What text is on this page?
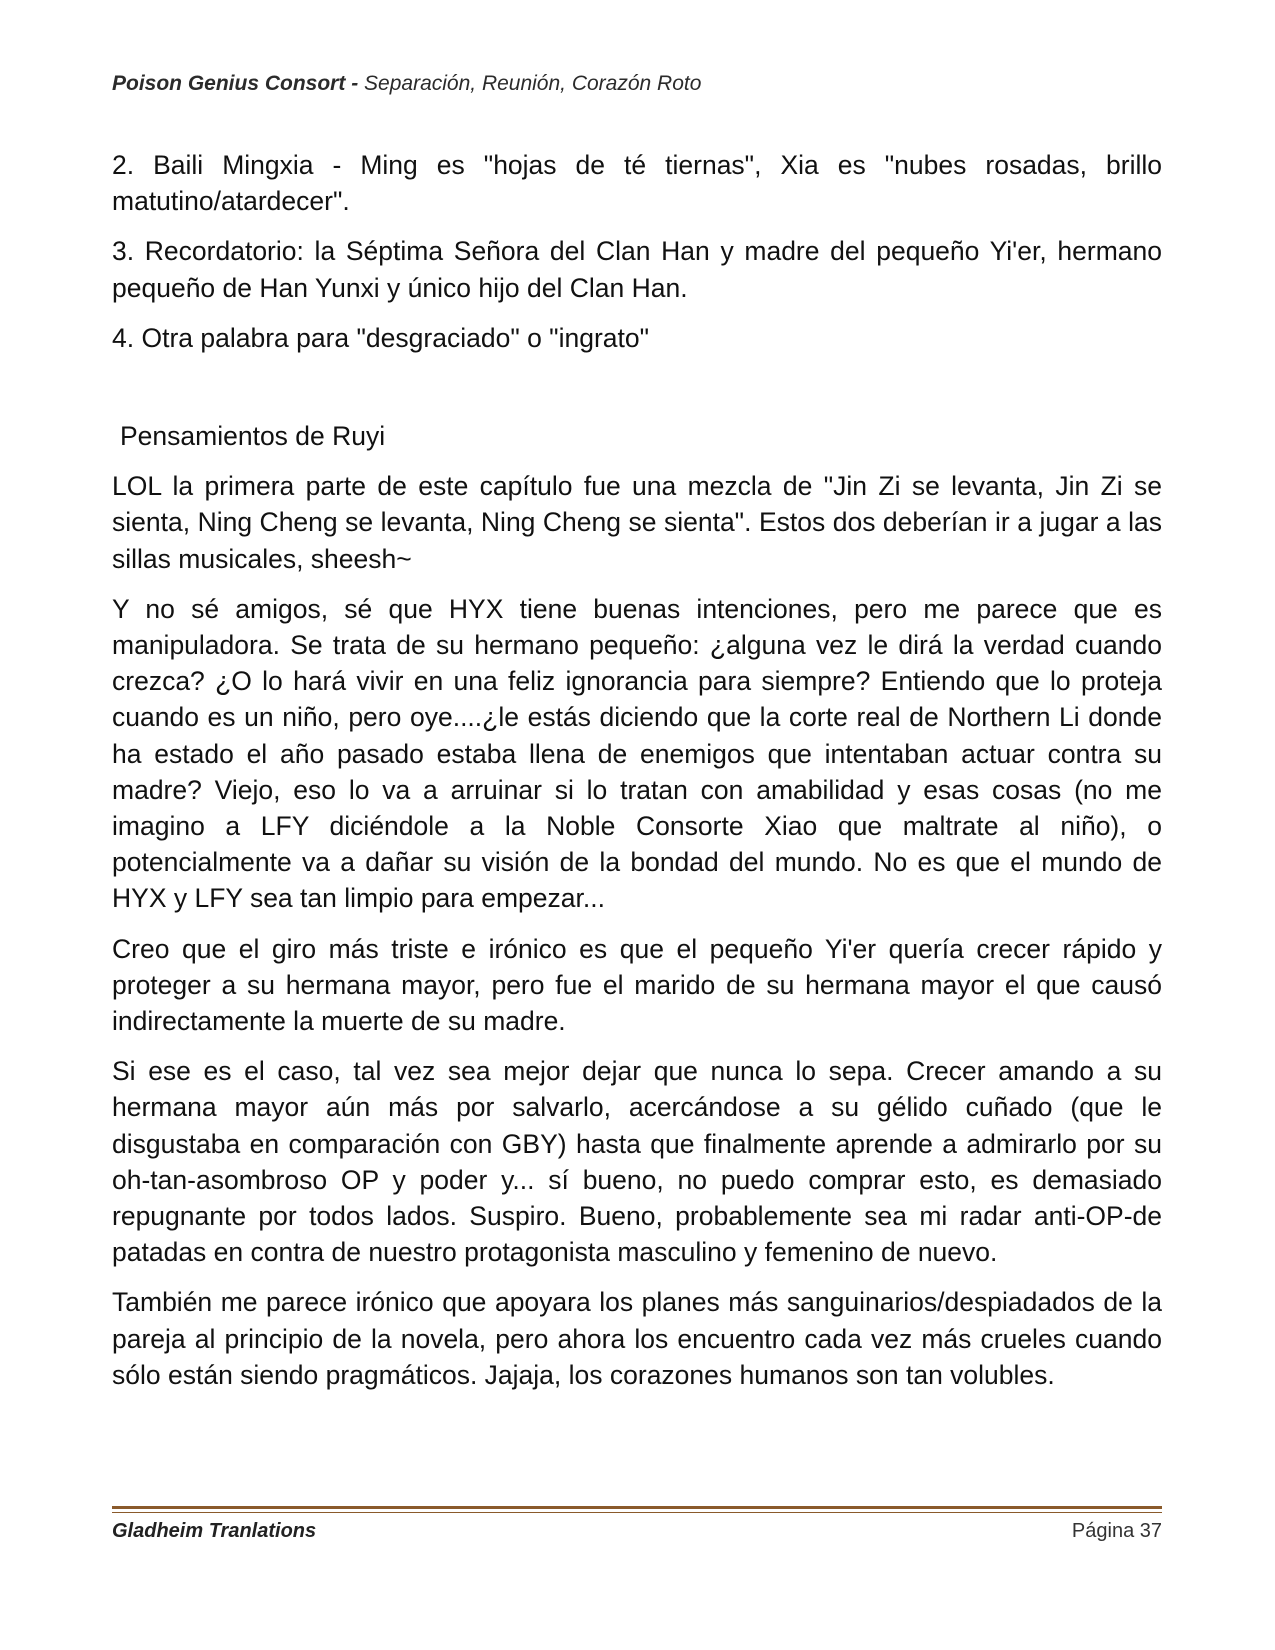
Poison Genius Consort - Separación, Reunión, Corazón Roto

2. Baili Mingxia - Ming es "hojas de té tiernas", Xia es "nubes rosadas, brillo matutino/atardecer".

3. Recordatorio: la Séptima Señora del Clan Han y madre del pequeño Yi'er, hermano pequeño de Han Yunxi y único hijo del Clan Han.

4. Otra palabra para "desgraciado" o "ingrato"

Pensamientos de Ruyi

LOL la primera parte de este capítulo fue una mezcla de "Jin Zi se levanta, Jin Zi se sienta, Ning Cheng se levanta, Ning Cheng se sienta". Estos dos deberían ir a jugar a las sillas musicales, sheesh~

Y no sé amigos, sé que HYX tiene buenas intenciones, pero me parece que es manipuladora. Se trata de su hermano pequeño: ¿alguna vez le dirá la verdad cuando crezca? ¿O lo hará vivir en una feliz ignorancia para siempre? Entiendo que lo proteja cuando es un niño, pero oye....¿le estás diciendo que la corte real de Northern Li donde ha estado el año pasado estaba llena de enemigos que intentaban actuar contra su madre? Viejo, eso lo va a arruinar si lo tratan con amabilidad y esas cosas (no me imagino a LFY diciéndole a la Noble Consorte Xiao que maltrate al niño), o potencialmente va a dañar su visión de la bondad del mundo. No es que el mundo de HYX y LFY sea tan limpio para empezar...

Creo que el giro más triste e irónico es que el pequeño Yi'er quería crecer rápido y proteger a su hermana mayor, pero fue el marido de su hermana mayor el que causó indirectamente la muerte de su madre.

Si ese es el caso, tal vez sea mejor dejar que nunca lo sepa. Crecer amando a su hermana mayor aún más por salvarlo, acercándose a su gélido cuñado (que le disgustaba en comparación con GBY) hasta que finalmente aprende a admirarlo por su oh-tan-asombroso OP y poder y... sí bueno, no puedo comprar esto, es demasiado repugnante por todos lados. Suspiro. Bueno, probablemente sea mi radar anti-OP-de patadas en contra de nuestro protagonista masculino y femenino de nuevo.

También me parece irónico que apoyara los planes más sanguinarios/despiadados de la pareja al principio de la novela, pero ahora los encuentro cada vez más crueles cuando sólo están siendo pragmáticos. Jajaja, los corazones humanos son tan volubles.

Gladheim Tranlations	Página 37
